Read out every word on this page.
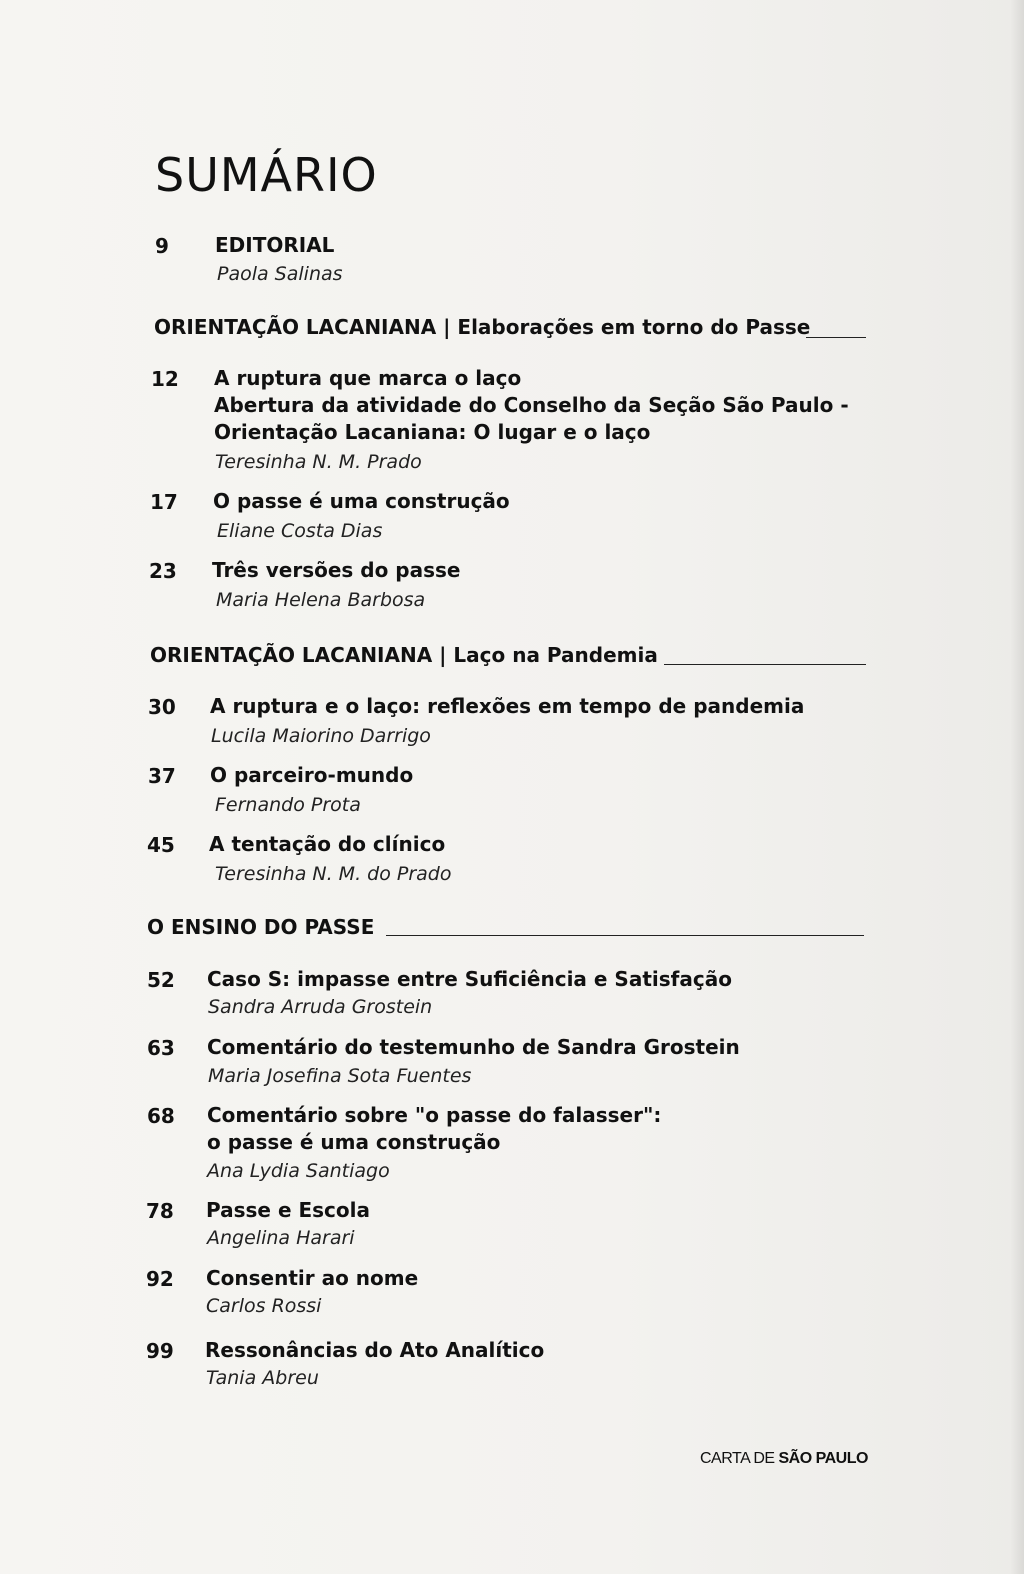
SUMÁRIO
9 EDITORIAL
Paola Salinas
ORIENTAÇÃO LACANIANA | Elaborações em torno do Passe
12 A ruptura que marca o laço
Abertura da atividade do Conselho da Seção São Paulo -
Orientação Lacaniana: O lugar e o laço
Teresinha N. M. Prado
17 O passe é uma construção
Eliane Costa Dias
23 Três versões do passe
Maria Helena Barbosa
ORIENTAÇÃO LACANIANA | Laço na Pandemia
30 A ruptura e o laço: reflexões em tempo de pandemia
Lucila Maiorino Darrigo
37 O parceiro-mundo
Fernando Prota
45 A tentação do clínico
Teresinha N. M. do Prado
O ENSINO DO PASSE
52 Caso S: impasse entre Suficiência e Satisfação
Sandra Arruda Grostein
63 Comentário do testemunho de Sandra Grostein
Maria Josefina Sota Fuentes
68 Comentário sobre "o passe do falasser":
o passe é uma construção
Ana Lydia Santiago
78 Passe e Escola
Angelina Harari
92 Consentir ao nome
Carlos Rossi
99 Ressonâncias do Ato Analítico
Tania Abreu
CARTA DE SÃO PAULO
